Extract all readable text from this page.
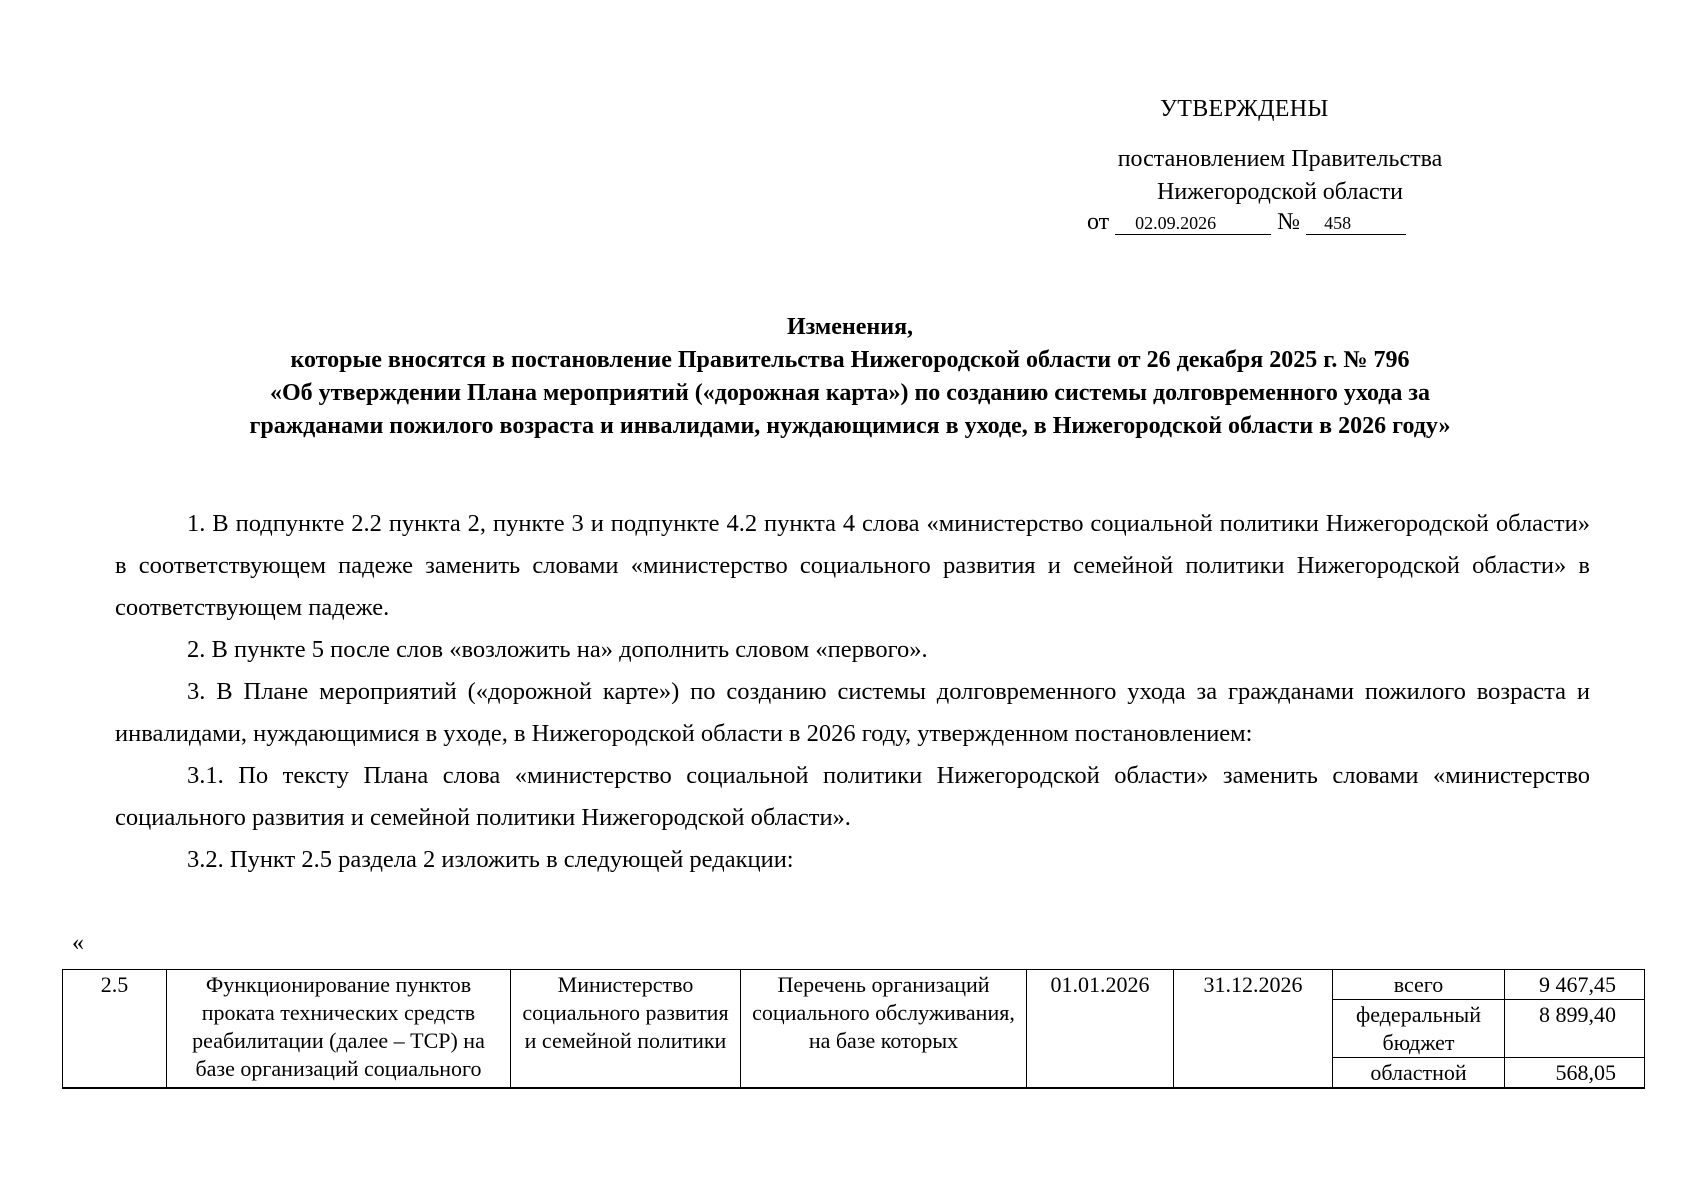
УТВЕРЖДЕНЫ
постановлением Правительства
Нижегородской области
от 02.09.2026	№ 458
Изменения,
которые вносятся в постановление Правительства Нижегородской области от 26 декабря 2025 г. № 796
«Об утверждении Плана мероприятий («дорожная карта») по созданию системы долговременного ухода за
гражданами пожилого возраста и инвалидами, нуждающимися в уходе, в Нижегородской области в 2026 году»

1. В подпункте 2.2 пункта 2, пункте 3 и подпункте 4.2 пункта 4 слова «министерство социальной политики Нижегородской области» в соответствующем падеже заменить словами «министерство социального развития и семейной политики Нижегородской области» в соответствующем падеже.

2. В пункте 5 после слов «возложить на» дополнить словом «первого».

3. В Плане мероприятий («дорожной карте») по созданию системы долговременного ухода за гражданами пожилого возраста и инвалидами, нуждающимися в уходе, в Нижегородской области в 2026 году, утвержденном постановлением:

3.1. По тексту Плана слова «министерство социальной политики Нижегородской области» заменить словами «министерство социального развития и семейной политики Нижегородской области».

3.2. Пункт 2.5 раздела 2 изложить в следующей редакции:

«
2.5	Функционирование пунктов проката технических средств реабилитации (далее – ТСР) на базе организаций социального	Министерство социального развития и семейной политики	Перечень организаций социального обслуживания, на базе которых	01.01.2026	31.12.2026	всего	9 467,45
						федеральный бюджет	8 899,40
						областной	568,05
